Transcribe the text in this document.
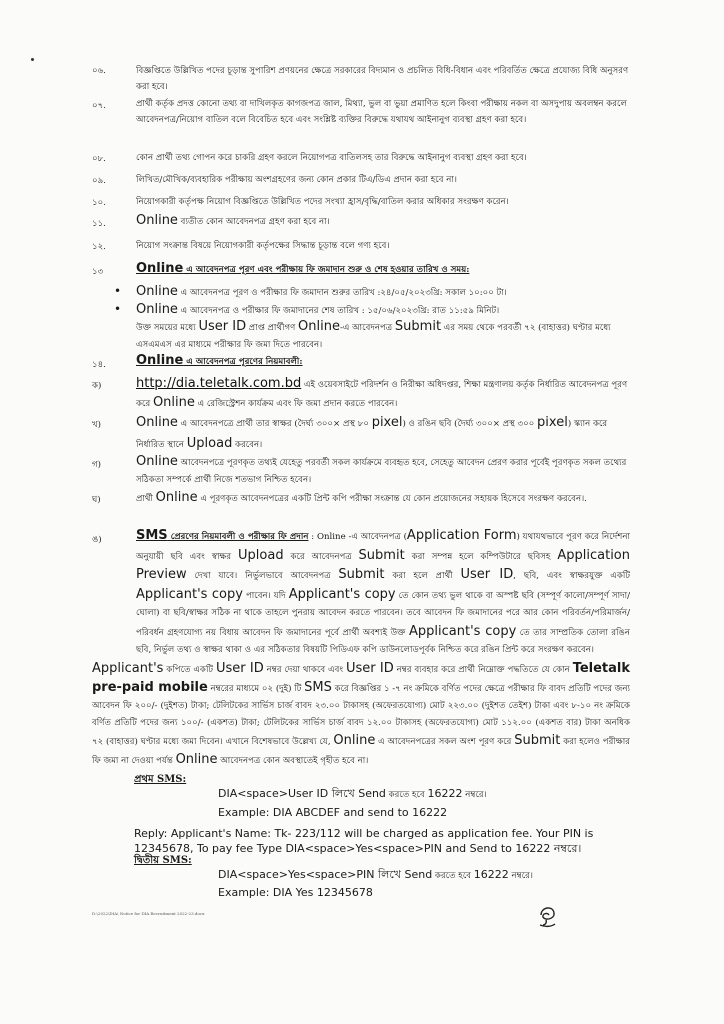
০৬.	বিজ্ঞপ্তিতে উল্লিখিত পদের চূড়ান্ত সুপারিশ প্রণয়নের ক্ষেত্রে সরকারের বিদ্যমান ও প্রচলিত বিধি-বিধান এবং পরিবর্তিত ক্ষেত্রে প্রযোজ্য বিধি অনুসরণ করা হবে।
০৭.	প্রার্থী কর্তৃক প্রদত্ত কোনো তথ্য বা দাখিলকৃত কাগজপত্র জাল, মিথ্যা, ভুল বা ভুয়া প্রমাণিত হলে কিংবা পরীক্ষায় নকল বা অসদুপায় অবলম্বন করলে আবেদনপত্র/নিয়োগ বাতিল বলে বিবেচিত হবে এবং সংশ্লিষ্ট ব্যক্তির বিরুদ্ধে যথাযথ আইনানুগ ব্যবস্থা গ্রহণ করা হবে।
০৮.	কোন প্রার্থী তথ্য গোপন করে চাকরি গ্রহণ করলে নিয়োগপত্র বাতিলসহ তার বিরুদ্ধে আইনানুগ ব্যবস্থা গ্রহণ করা হবে।
০৯.	লিখিত/মৌখিক/ব্যবহারিক পরীক্ষায় অংশগ্রহণের জন্য কোন প্রকার টিএ/ডিএ প্রদান করা হবে না।
১০.	নিয়োগকারী কর্তৃপক্ষ নিয়োগ বিজ্ঞপ্তিতে উল্লিখিত পদের সংখ্যা হ্রাস/বৃদ্ধি/বাতিল করার অধিকার সংরক্ষণ করেন।
১১.	Online ব্যতীত কোন আবেদনপত্র গ্রহণ করা হবে না।
১২.	নিয়োগ সংক্রান্ত বিষয়ে নিয়োগকারী কর্তৃপক্ষের সিদ্ধান্ত চূড়ান্ত বলে গণ্য হবে।
১৩	Online এ আবেদনপত্র পূরণ এবং পরীক্ষায় ফি জমাদান শুরু ও শেষ হওয়ার তারিখ ও সময়:
• Online এ আবেদনপত্র পূরণ ও পরীক্ষার ফি জমাদান শুরুর তারিখ :২৪/০৫/২০২৩খ্রি: সকাল ১০:০০ টা।
• Online এ আবেদনপত্র ও পরীক্ষার ফি জমাদানের শেষ তারিখ : ১৫/০৬/২০২৩খ্রি: রাত ১১:৫৯ মিনিট।
উক্ত সময়ের মধ্যে User ID প্রাপ্ত প্রার্থীগণ Online-এ আবেদনপত্র Submit এর সময় থেকে পরবর্তী ৭২ (বাহাত্তর) ঘণ্টার মধ্যে এসএমএস এর মাধ্যমে পরীক্ষার ফি জমা দিতে পারবেন।
১৪.	Online এ আবেদনপত্র পূরণের নিয়মাবলী:
ক)	http://dia.teletalk.com.bd এই ওয়েবসাইটে পরিদর্শন ও নিরীক্ষা অধিদপ্তর, শিক্ষা মন্ত্রণালয় কর্তৃক নির্ধারিত আবেদনপত্র পূরণ করে Online এ রেজিস্ট্রেশন কার্যক্রম এবং ফি জমা প্রদান করতে পারবেন।
খ)	Online এ আবেদনপত্রে প্রার্থী তার স্বাক্ষর (দৈর্ঘ্য ৩০০× প্রস্থ ৮০ pixel) ও রঙিন ছবি (দৈর্ঘ্য ৩০০× প্রস্থ ৩০০ pixel) স্ক্যান করে নির্ধারিত স্থানে Upload করবেন।
গ)	Online আবেদনপত্রে পূরণকৃত তথ্যই যেহেতু পরবর্তী সকল কার্যক্রমে ব্যবহৃত হবে, সেহেতু আবেদন প্রেরণ করার পূর্বেই পূরণকৃত সকল তথ্যের সঠিকতা সম্পর্কে প্রার্থী নিজে শতভাগ নিশ্চিত হবেন।
ঘ)	প্রার্থী Online এ পূরণকৃত আবেদনপত্রের একটি প্রিন্ট কপি পরীক্ষা সংক্রান্ত যে কোন প্রয়োজনের সহায়ক হিসেবে সংরক্ষণ করবেন।.
ঙ)	SMS প্রেরণের নিয়মাবলী ও পরীক্ষার ফি প্রদান : Online -এ আবেদনপত্র (Application Form) যথাযথভাবে পূরণ করে নির্দেশনা অনুযায়ী ছবি এবং স্বাক্ষর Upload করে আবেদনপত্র Submit করা সম্পন্ন হলে কম্পিউটারে ছবিসহ Application Preview দেখা যাবে। নির্ভুলভাবে আবেদনপত্র Submit করা হলে প্রার্থী User ID, ছবি, এবং স্বাক্ষরযুক্ত একটি Applicant's copy পাবেন। যদি Applicant's copy তে কোন তথ্য ভুল থাকে বা অস্পষ্ট ছবি (সম্পূর্ণ কালো/সম্পূর্ণ সাদা/ঘোলা) বা ছবি/স্বাক্ষর সঠিক না থাকে তাহলে পুনরায় আবেদন করতে পারবেন। তবে আবেদন ফি জমাদানের পরে আর কোন পরিবর্তন/পরিমার্জন/পরিবর্ধন গ্রহণযোগ্য নয় বিধায় আবেদন ফি জমাদানের পূর্বে প্রার্থী অবশ্যই উক্ত Applicant's copy তে তার সাম্প্রতিক তোলা রঙিন ছবি, নির্ভুল তথ্য ও স্বাক্ষর থাকা ও এর সঠিকতার বিষয়টি পিডিএফ কপি ডাউনলোডপূর্বক নিশ্চিত করে রঙিন প্রিন্ট করে সংরক্ষণ করবেন।
Applicant's কপিতে একটি User ID নম্বর দেয়া থাকবে এবং User ID নম্বর ব্যবহার করে প্রার্থী নিম্নোক্ত পদ্ধতিতে যে কোন Teletalk pre-paid mobile নম্বরের মাধ্যমে ০২ (দুই) টি SMS করে বিজ্ঞপ্তির ১ -৭ নং ক্রমিকে বর্ণিত পদের ক্ষেত্রে পরীক্ষার ফি বাবদ প্রতিটি পদের জন্য আবেদন ফি ২০০/- (দুইশত) টাকা; টেলিটকের সার্ভিস চার্জ বাবদ ২৩.০০ টাকাসহ (অফেরতযোগ্য) মোট ২২৩.০০ (দুইশত তেইশ) টাকা এবং ৮-১০ নং ক্রমিকে বর্ণিত প্রতিটি পদের জন্য ১০০/- (একশত) টাকা; টেলিটকের সার্ভিস চার্জ বাবদ ১২.০০ টাকাসহ (অফেরতযোগ্য) মোট ১১২.০০ (একশত বার) টাকা অনধিক ৭২ (বাহাত্তর) ঘণ্টার মধ্যে জমা দিবেন। এখানে বিশেষভাবে উল্লেখ্য যে, Online এ আবেদনপত্রের সকল অংশ পূরণ করে Submit করা হলেও পরীক্ষার ফি জমা না দেওয়া পর্যন্ত Online আবেদনপত্র কোন অবস্থাতেই গৃহীত হবে না।
প্রথম SMS:
DIA<space>User ID লিখে Send করতে হবে 16222 নম্বরে।
Example: DIA ABCDEF and send to 16222
Reply: Applicant's Name: Tk- 223/112 will be charged as application fee. Your PIN is 12345678, To pay fee Type DIA<space>Yes<space>PIN and Send to 16222 নম্বরে।
দ্বিতীয় SMS:
DIA<space>Yes<space>PIN লিখে Send করতে হবে 16222 নম্বরে।
Example: DIA Yes 12345678
D:\2022\DIA\ Notice for DIA Recruitment 2022-23.docx
